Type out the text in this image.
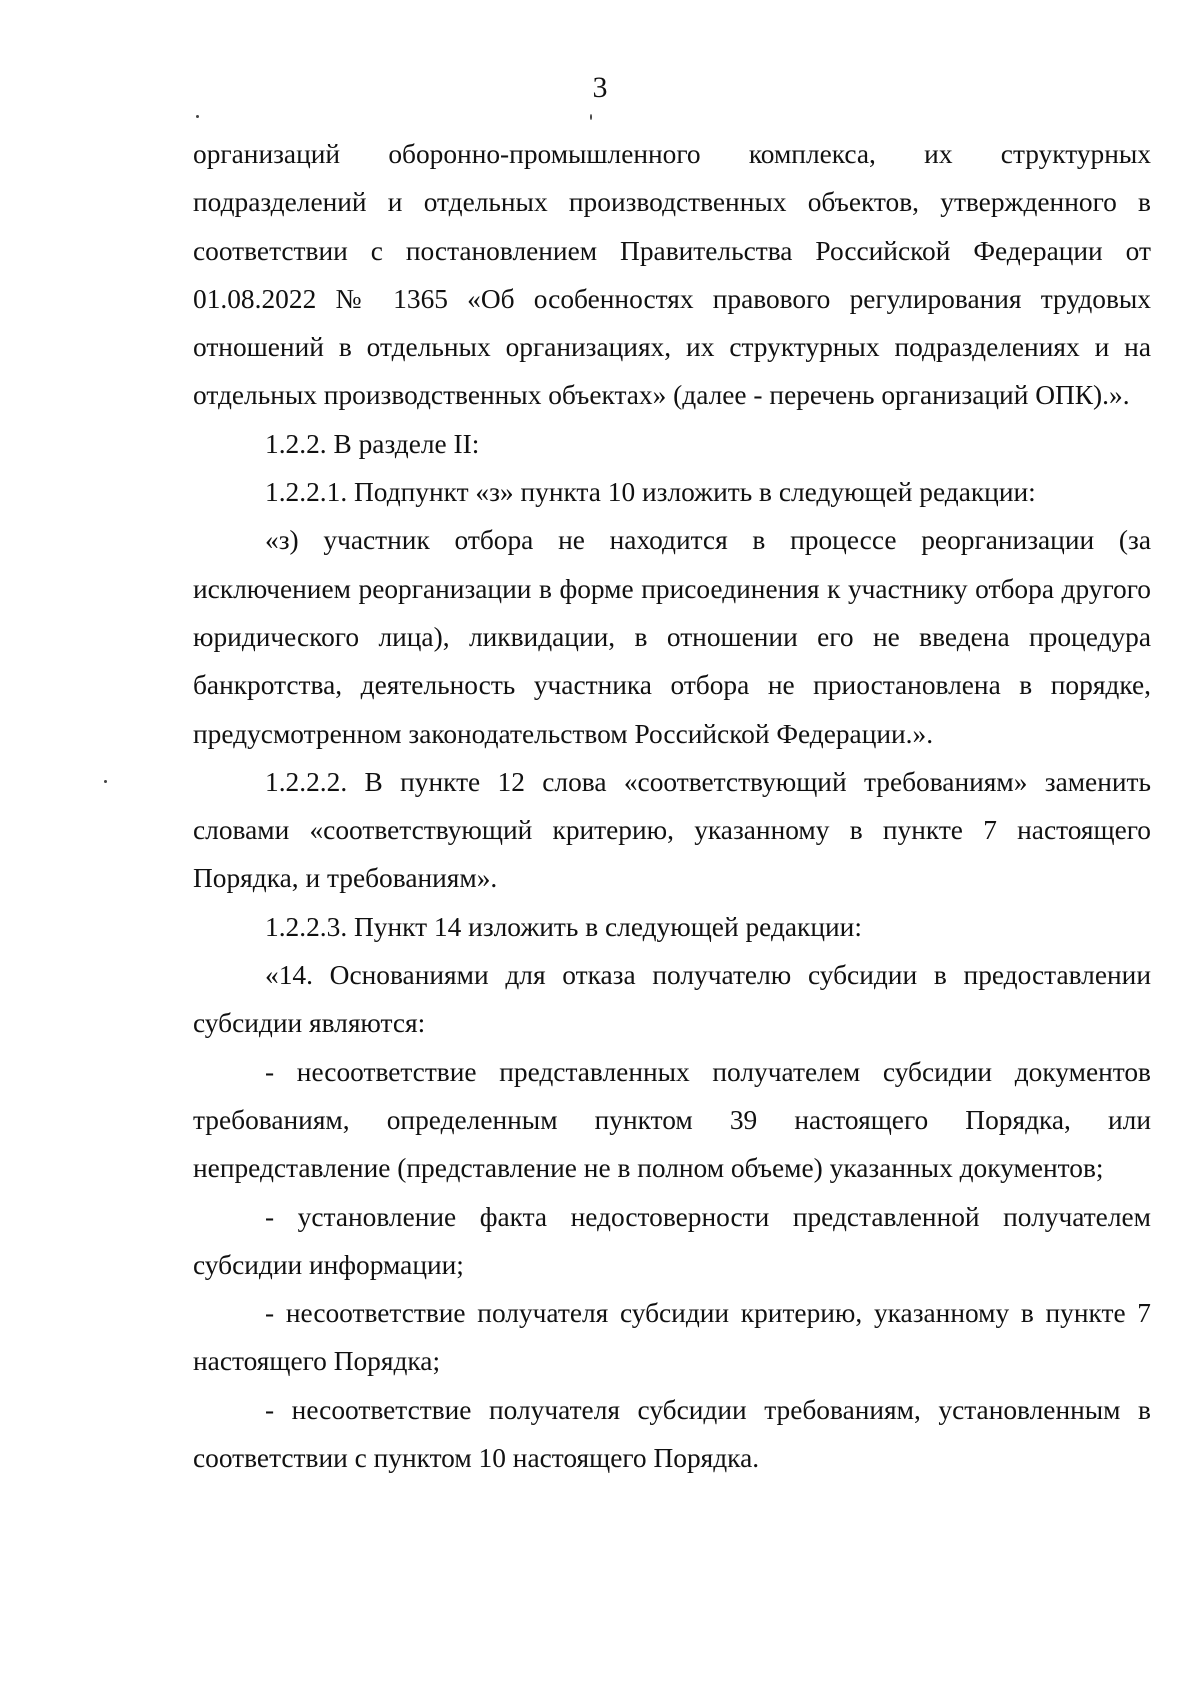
3

организаций оборонно-промышленного комплекса, их структурных подразделений и отдельных производственных объектов, утвержденного в соответствии с постановлением Правительства Российской Федерации от 01.08.2022 № 1365 «Об особенностях правового регулирования трудовых отношений в отдельных организациях, их структурных подразделениях и на отдельных производственных объектах» (далее - перечень организаций ОПК).».

1.2.2. В разделе II:

1.2.2.1. Подпункт «з» пункта 10 изложить в следующей редакции:

«з) участник отбора не находится в процессе реорганизации (за исключением реорганизации в форме присоединения к участнику отбора другого юридического лица), ликвидации, в отношении его не введена процедура банкротства, деятельность участника отбора не приостановлена в порядке, предусмотренном законодательством Российской Федерации.».

1.2.2.2. В пункте 12 слова «соответствующий требованиям» заменить словами «соответствующий критерию, указанному в пункте 7 настоящего Порядка, и требованиям».

1.2.2.3. Пункт 14 изложить в следующей редакции:

«14. Основаниями для отказа получателю субсидии в предоставлении субсидии являются:

- несоответствие представленных получателем субсидии документов требованиям, определенным пунктом 39 настоящего Порядка, или непредставление (представление не в полном объеме) указанных документов;

- установление факта недостоверности представленной получателем субсидии информации;

- несоответствие получателя субсидии критерию, указанному в пункте 7 настоящего Порядка;

- несоответствие получателя субсидии требованиям, установленным в соответствии с пунктом 10 настоящего Порядка.
